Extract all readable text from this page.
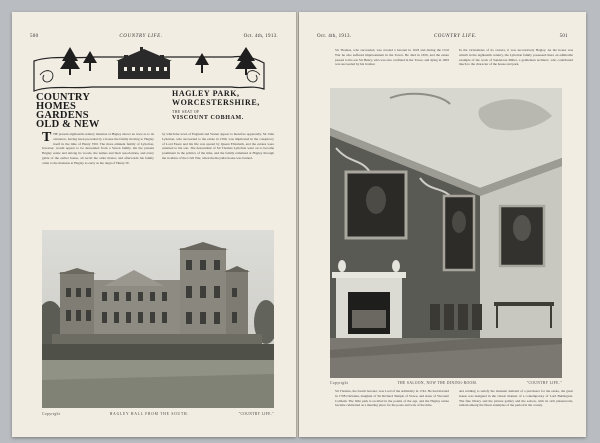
500	COUNTRY LIFE.	Oct. 4th, 1913.
COUNTRY
HOMES
GARDENS
OLD & NEW
HAGLEY PARK,
WORCESTERSHIRE,
THE SEAT OF
VISCOUNT COBHAM.
THE present eighteenth-century mansion at Hagley shows no trace as to its existence, having been preceded by a house the family moving to Hagley itself in the time of Henry VIII. The more eminent family of Lyttelton, however, would appear to be descended from a Saxon family. On the present Hagley estate and among its woods, the names and their associations, and every gable of the earlier house, all recall the older manor, and afterwards his family came to the mansion at Hagley as early as the reign of Henry IV.
by which the town of England and Vesner appear to therefore apparently. Sir John Lyttelton, who succeeded to the estate in 1590, was implicated in the conspiracy of Lord Essex and his life was spared by Queen Elizabeth, and the estates were returned to his son. The descendant of Sir Thomas Lyttelton went on to become prominent in the politics of the time, and the family remained at Hagley through the troubles of the Civil War, when the Royalist house was burned.
Copyright	HAGLEY HALL FROM THE SOUTH.	"COUNTRY LIFE."
Oct. 4th, 1913.	COUNTRY LIFE.	501
Sir Thomas, who succeeded, was created a baronet in 1618 and during the Civil War he also suffered imprisonment in the Tower. He died in 1650, and the estate passed to his son Sir Henry, who was also confined in the Tower, and dying in 1693 was succeeded by his brother.
In the vicissitudes of its owners, it was successively Hagley. As the house was rebuilt in the eighteenth century, the Lyttelton family possessed there an admirable example of the work of Sanderson Miller, a gentleman architect, who contributed much to the character of the house and park.
Copyright	THE SALOON, NOW THE DINING-ROOM.	"COUNTRY LIFE."
Sir Thomas, the fourth baronet, was Lord of the Admiralty in 1742. He had married in 1708 Christian, daughter of Sir Richard Temple of Stowe, and sister of Viscount Cobham. The little park is recalled in the poems of the age, and the Hagley estate became celebrated as a meeting place for the poets and wits of the time.
and wishing to satisfy the insistent demand of a purchaser for the estate, the great house was designed in the classic manner of a contemporary of Lord Burlington. The fine library and the picture gallery and the saloon, with its rich plasterwork, remain among the finest examples of the period in the county.
